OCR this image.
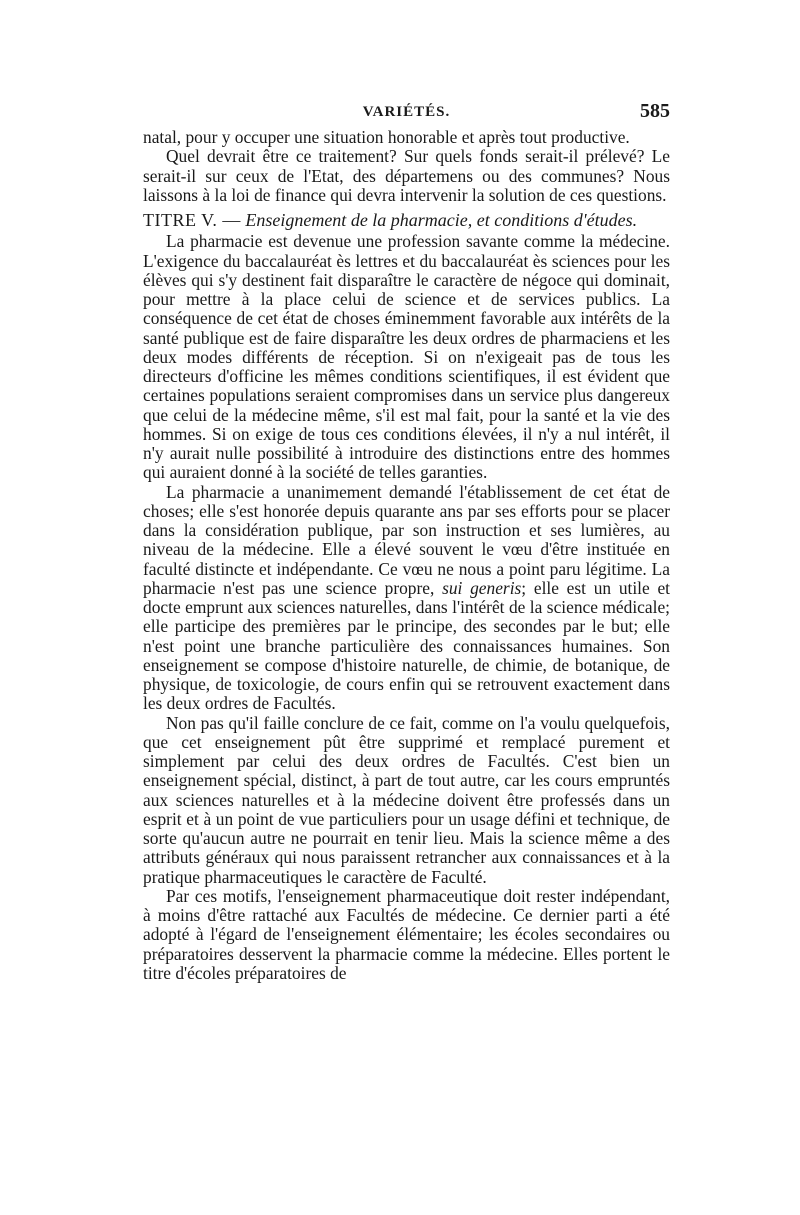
VARIÉTÉS.	585

natal, pour y occuper une situation honorable et après tout productive.

Quel devrait être ce traitement? Sur quels fonds serait-il prélevé? Le serait-il sur ceux de l'Etat, des départemens ou des communes? Nous laissons à la loi de finance qui devra intervenir la solution de ces questions.

TITRE V. — Enseignement de la pharmacie, et conditions d'études.

La pharmacie est devenue une profession savante comme la médecine. L'exigence du baccalauréat ès lettres et du baccalauréat ès sciences pour les élèves qui s'y destinent fait disparaître le caractère de négoce qui dominait, pour mettre à la place celui de science et de services publics. La conséquence de cet état de choses éminemment favorable aux intérêts de la santé publique est de faire disparaître les deux ordres de pharmaciens et les deux modes différents de réception. Si on n'exigeait pas de tous les directeurs d'officine les mêmes conditions scientifiques, il est évident que certaines populations seraient compromises dans un service plus dangereux que celui de la médecine même, s'il est mal fait, pour la santé et la vie des hommes. Si on exige de tous ces conditions élevées, il n'y a nul intérêt, il n'y aurait nulle possibilité à introduire des distinctions entre des hommes qui auraient donné à la société de telles garanties.

La pharmacie a unanimement demandé l'établissement de cet état de choses; elle s'est honorée depuis quarante ans par ses efforts pour se placer dans la considération publique, par son instruction et ses lumières, au niveau de la médecine. Elle a élevé souvent le vœu d'être instituée en faculté distincte et indépendante. Ce vœu ne nous a point paru légitime. La pharmacie n'est pas une science propre, sui generis; elle est un utile et docte emprunt aux sciences naturelles, dans l'intérêt de la science médicale; elle participe des premières par le principe, des secondes par le but; elle n'est point une branche particulière des connaissances humaines. Son enseignement se compose d'histoire naturelle, de chimie, de botanique, de physique, de toxicologie, de cours enfin qui se retrouvent exactement dans les deux ordres de Facultés.

Non pas qu'il faille conclure de ce fait, comme on l'a voulu quelquefois, que cet enseignement pût être supprimé et remplacé purement et simplement par celui des deux ordres de Facultés. C'est bien un enseignement spécial, distinct, à part de tout autre, car les cours empruntés aux sciences naturelles et à la médecine doivent être professés dans un esprit et à un point de vue particuliers pour un usage défini et technique, de sorte qu'aucun autre ne pourrait en tenir lieu. Mais la science même a des attributs généraux qui nous paraissent retrancher aux connaissances et à la pratique pharmaceutiques le caractère de Faculté.

Par ces motifs, l'enseignement pharmaceutique doit rester indépendant, à moins d'être rattaché aux Facultés de médecine. Ce dernier parti a été adopté à l'égard de l'enseignement élémentaire; les écoles secondaires ou préparatoires desservent la pharmacie comme la médecine. Elles portent le titre d'écoles préparatoires de
